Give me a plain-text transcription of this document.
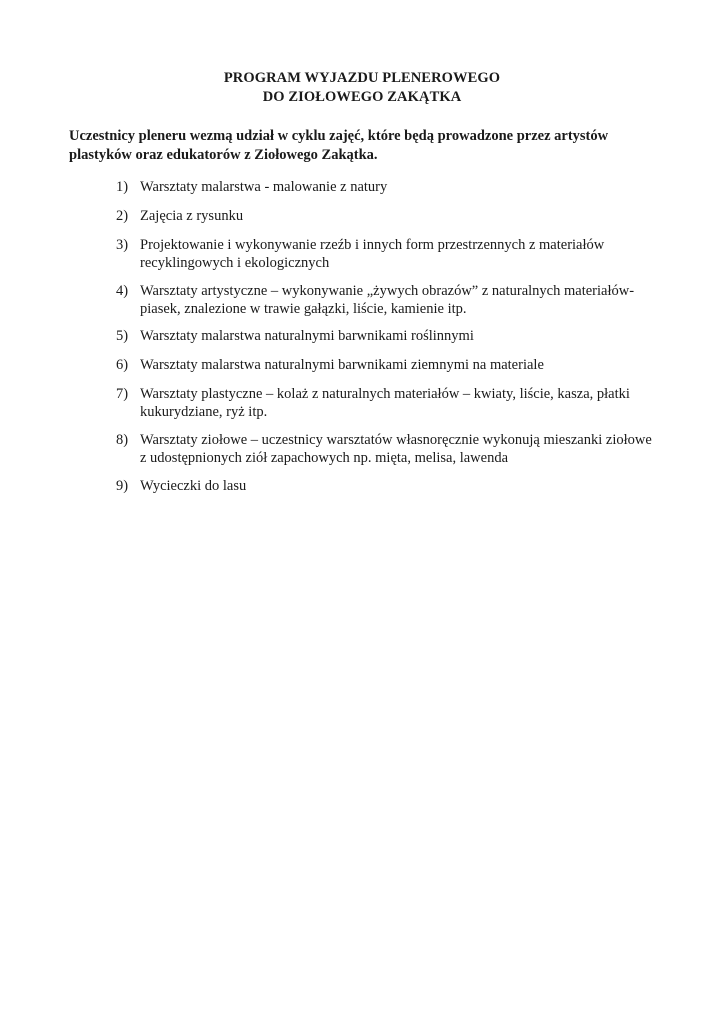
PROGRAM WYJAZDU PLENEROWEGO
DO ZIOŁOWEGO ZAKĄTKA
Uczestnicy pleneru wezmą udział w cyklu zajęć, które będą prowadzone przez artystów
plastyków oraz edukatorów z Ziołowego Zakątka.
1) Warsztaty malarstwa - malowanie z natury
2) Zajęcia z rysunku
3) Projektowanie i wykonywanie rzeźb i innych form przestrzennych z materiałów
recyklingowych i ekologicznych
4) Warsztaty artystyczne – wykonywanie „żywych obrazów” z naturalnych materiałów-
piasek, znalezione w trawie gałązki, liście, kamienie itp.
5) Warsztaty malarstwa naturalnymi barwnikami roślinnymi
6) Warsztaty malarstwa naturalnymi barwnikami ziemnymi na materiale
7) Warsztaty plastyczne – kolaż z naturalnych materiałów – kwiaty, liście, kasza, płatki
kukurydziane, ryż itp.
8) Warsztaty ziołowe – uczestnicy warsztatów własnoręcznie wykonują mieszanki ziołowe
z udostępnionych ziół zapachowych np. mięta, melisa, lawenda
9) Wycieczki do lasu
